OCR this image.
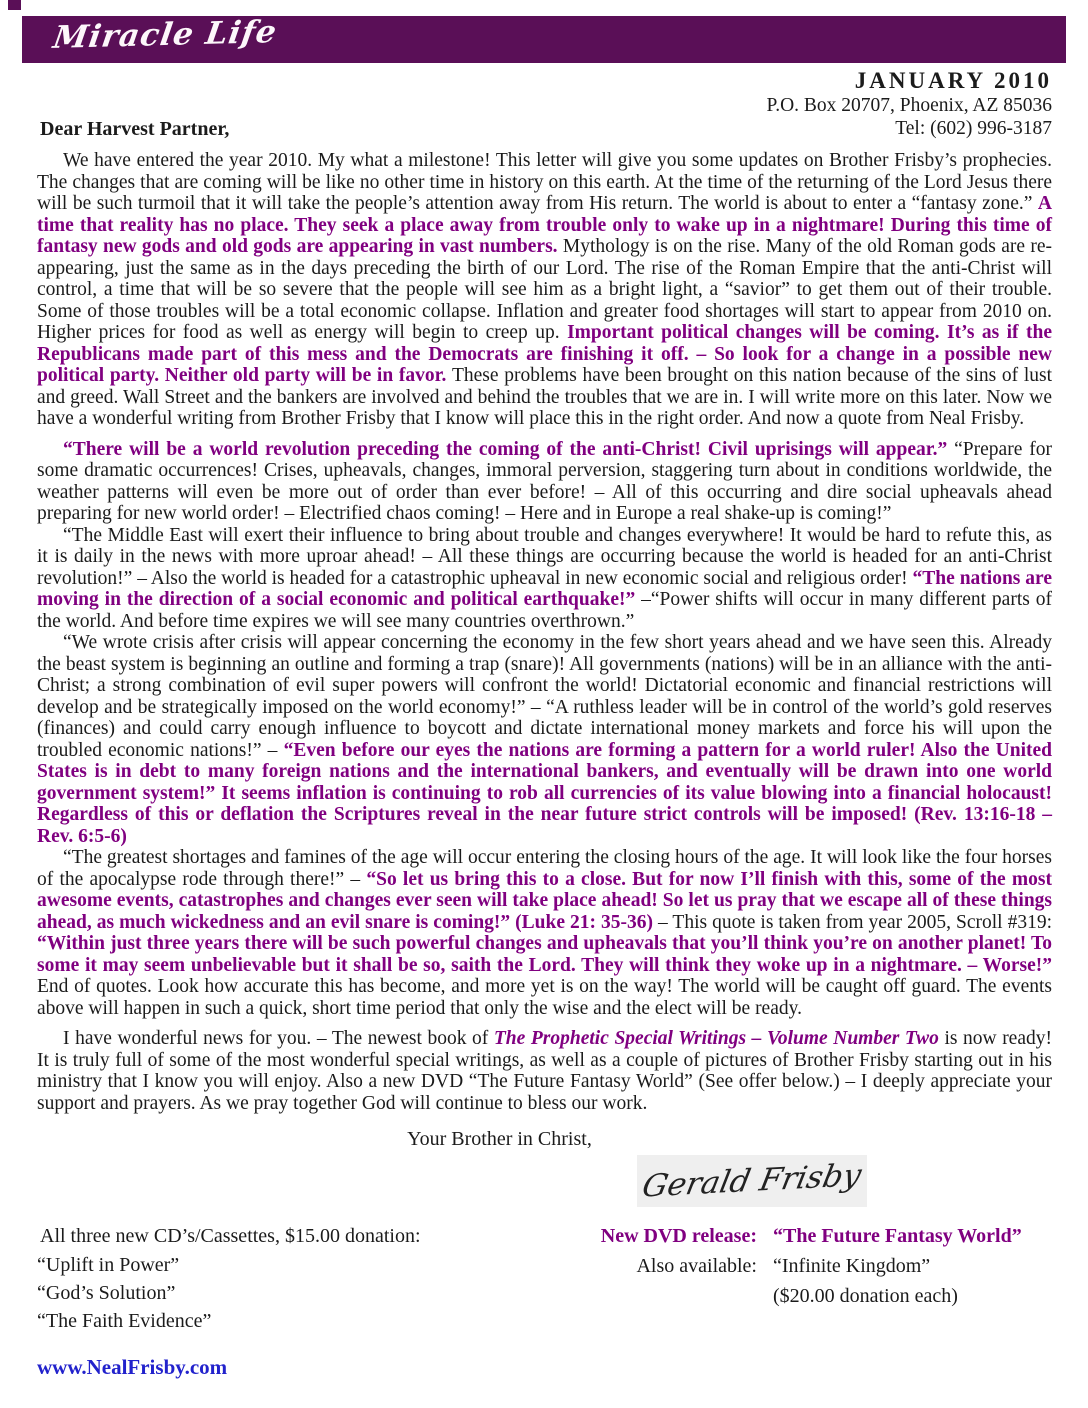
Miracle Life
JANUARY 2010
P.O. Box 20707, Phoenix, AZ 85036
Dear Harvest Partner,	Tel: (602) 996-3187

We have entered the year 2010. My what a milestone! This letter will give you some updates on Brother Frisby’s prophecies. The changes that are coming will be like no other time in history on this earth. At the time of the returning of the Lord Jesus there will be such turmoil that it will take the people’s attention away from His return. The world is about to enter a “fantasy zone.” A time that reality has no place. They seek a place away from trouble only to wake up in a nightmare! During this time of fantasy new gods and old gods are appearing in vast numbers. Mythology is on the rise. Many of the old Roman gods are re-appearing, just the same as in the days preceding the birth of our Lord. The rise of the Roman Empire that the anti-Christ will control, a time that will be so severe that the people will see him as a bright light, a “savior” to get them out of their trouble. Some of those troubles will be a total economic collapse. Inflation and greater food shortages will start to appear from 2010 on. Higher prices for food as well as energy will begin to creep up. Important political changes will be coming. It’s as if the Republicans made part of this mess and the Democrats are finishing it off. – So look for a change in a possible new political party. Neither old party will be in favor. These problems have been brought on this nation because of the sins of lust and greed. Wall Street and the bankers are involved and behind the troubles that we are in. I will write more on this later. Now we have a wonderful writing from Brother Frisby that I know will place this in the right order. And now a quote from Neal Frisby.

“There will be a world revolution preceding the coming of the anti-Christ! Civil uprisings will appear.” “Prepare for some dramatic occurrences! Crises, upheavals, changes, immoral perversion, staggering turn about in conditions worldwide, the weather patterns will even be more out of order than ever before! – All of this occurring and dire social upheavals ahead preparing for new world order! – Electrified chaos coming! – Here and in Europe a real shake-up is coming!”

“The Middle East will exert their influence to bring about trouble and changes everywhere! It would be hard to refute this, as it is daily in the news with more uproar ahead! – All these things are occurring because the world is headed for an anti-Christ revolution!” – Also the world is headed for a catastrophic upheaval in new economic social and religious order! “The nations are moving in the direction of a social economic and political earthquake!” –“Power shifts will occur in many different parts of the world. And before time expires we will see many countries overthrown.”

“We wrote crisis after crisis will appear concerning the economy in the few short years ahead and we have seen this. Already the beast system is beginning an outline and forming a trap (snare)! All governments (nations) will be in an alliance with the anti-Christ; a strong combination of evil super powers will confront the world! Dictatorial economic and financial restrictions will develop and be strategically imposed on the world economy!” – “A ruthless leader will be in control of the world’s gold reserves (finances) and could carry enough influence to boycott and dictate international money markets and force his will upon the troubled economic nations!” – “Even before our eyes the nations are forming a pattern for a world ruler! Also the United States is in debt to many foreign nations and the international bankers, and eventually will be drawn into one world government system!” It seems inflation is continuing to rob all currencies of its value blowing into a financial holocaust! Regardless of this or deflation the Scriptures reveal in the near future strict controls will be imposed! (Rev. 13:16-18 – Rev. 6:5-6)

“The greatest shortages and famines of the age will occur entering the closing hours of the age. It will look like the four horses of the apocalypse rode through there!” – “So let us bring this to a close. But for now I’ll finish with this, some of the most awesome events, catastrophes and changes ever seen will take place ahead! So let us pray that we escape all of these things ahead, as much wickedness and an evil snare is coming!” (Luke 21: 35-36) – This quote is taken from year 2005, Scroll #319: “Within just three years there will be such powerful changes and upheavals that you’ll think you’re on another planet! To some it may seem unbelievable but it shall be so, saith the Lord. They will think they woke up in a nightmare. – Worse!” End of quotes. Look how accurate this has become, and more yet is on the way! The world will be caught off guard. The events above will happen in such a quick, short time period that only the wise and the elect will be ready.

I have wonderful news for you. – The newest book of The Prophetic Special Writings – Volume Number Two is now ready! It is truly full of some of the most wonderful special writings, as well as a couple of pictures of Brother Frisby starting out in his ministry that I know you will enjoy. Also a new DVD “The Future Fantasy World” (See offer below.) – I deeply appreciate your support and prayers. As we pray together God will continue to bless our work.

Your Brother in Christ,
Gerald Frisby
All three new CD’s/Cassettes, $15.00 donation:
“Uplift in Power”
“God’s Solution”
“The Faith Evidence”
New DVD release: “The Future Fantasy World”
Also available: “Infinite Kingdom”
($20.00 donation each)
www.NealFrisby.com
